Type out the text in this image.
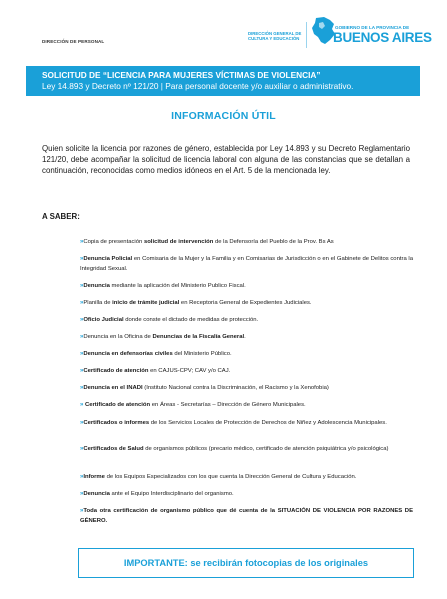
DIRECCIÓN DE PERSONAL
DIRECCIÓN GENERAL DE
CULTURA Y EDUCACIÓN
GOBIERNO DE LA PROVINCIA DE
BUENOS AIRES
SOLICITUD DE “LICENCIA PARA MUJERES VÍCTIMAS DE VIOLENCIA”
Ley 14.893 y Decreto nº 121/20 | Para personal docente y/o auxiliar o administrativo.
INFORMACIÓN ÚTIL
Quien solicite la licencia por razones de género, establecida por Ley 14.893 y su Decreto Reglamentario 121/20, debe acompañar la solicitud de licencia laboral con alguna de las constancias que se detallan a continuación, reconocidas como medios idóneos en el Art. 5 de la mencionada ley.
A SABER:
»Copia de presentación solicitud de intervención de la Defensoría del Pueblo de la Prov. Bs As
»Denuncia Policial en Comisaria de la Mujer y la Familia y en Comisarias de Jurisdicción o en el Gabinete de Delitos contra la Integridad Sexual.
»Denuncia mediante la aplicación del Ministerio Publico Fiscal.
»Planilla de inicio de trámite judicial en Receptoria General de Expedientes Judiciales.
»Oficio Judicial donde conste el dictado de medidas de protección.
»Denuncia en la Oficina de Denuncias de la Fiscalía General.
»Denuncia en defensorías civiles del Ministerio Público.
»Certificado de atención en CAJUS-CPV; CAV y/o CAJ.
»Denuncia en el INADI (Instituto Nacional contra la Discriminación, el Racismo y la Xenofobia)
» Certificado de atención en Áreas - Secretarías – Dirección de Género Municipales.
»Certificados o informes de los Servicios Locales de Protección de Derechos de Niñez y Adolescencia Municipales.
»Certificados de Salud de organismos públicos (precario médico, certificado de atención psiquiátrica y/o psicológica)
»Informe de los Equipos Especializados con los que cuenta la Dirección General de Cultura y Educación.
»Denuncia ante el Equipo Interdisciplinario del organismo.
»Toda otra certificación de organismo público que dé cuenta de la SITUACIÓN DE VIOLENCIA POR RAZONES DE GÉNERO.
IMPORTANTE: se recibirán fotocopias de los originales
